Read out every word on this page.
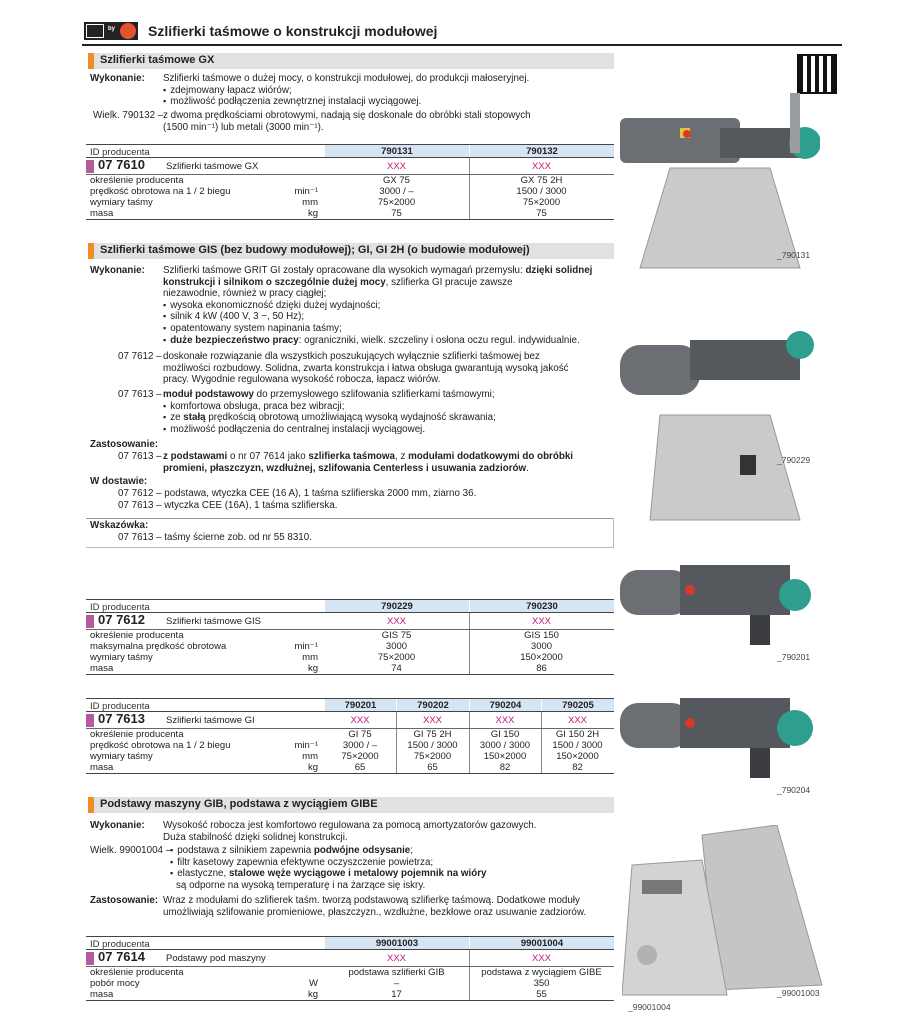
by Szlifierki taśmowe o konstrukcji modułowej
Szlifierki taśmowe GX
Wykonanie: Szlifierki taśmowe o dużej mocy, o konstrukcji modułowej, do produkcji małoseryjnej.
▪ zdejmowany łapacz wiórów;
▪ możliwość podłączenia zewnętrznej instalacji wyciągowej.
Wielk. 790132 – z dwoma prędkościami obrotowymi, nadają się doskonale do obróbki stali stopowych
(1500 min⁻¹) lub metali (3000 min⁻¹).
ID producenta	790131	790132
07 7610 Szlifierki taśmowe GX	XXX	XXX
określenie producenta	GX 75	GX 75 2H
prędkość obrotowa na 1 / 2 biegu	min⁻¹	3000 / –	1500 / 3000
wymiary taśmy	mm	75×2000	75×2000
masa	kg	75	75
Szlifierki taśmowe GIS (bez budowy modułowej); GI, GI 2H (o budowie modułowej)
Wykonanie: Szlifierki taśmowe GRIT GI zostały opracowane dla wysokich wymagań przemysłu: dzięki solidnej
konstrukcji i silnikom o szczególnie dużej mocy, szlifierka GI pracuje zawsze
niezawodnie, również w pracy ciągłej;
▪ wysoka ekonomiczność dzięki dużej wydajności;
▪ silnik 4 kW (400 V, 3 ~, 50 Hz);
▪ opatentowany system napinania taśmy;
▪ duże bezpieczeństwo pracy: ograniczniki, wielk. szczeliny i osłona oczu regul. indywidualnie.
07 7612 – doskonałe rozwiązanie dla wszystkich poszukujących wyłącznie szlifierki taśmowej bez
możliwości rozbudowy. Solidna, zwarta konstrukcja i łatwa obsługa gwarantują wysoką jakość
pracy. Wygodnie regulowana wysokość robocza, łapacz wiórów.
07 7613 – moduł podstawowy do przemysłowego szlifowania szlifierkami taśmowymi;
▪ komfortowa obsługa, praca bez wibracji;
▪ ze stałą prędkością obrotową umożliwiającą wysoką wydajność skrawania;
▪ możliwość podłączenia do centralnej instalacji wyciągowej.
Zastosowanie:
07 7613 – z podstawami o nr 07 7614 jako szlifierka taśmowa, z modułami dodatkowymi do obróbki
promieni, płaszczyzn, wzdłużnej, szlifowania Centerless i usuwania zadziorów.
W dostawie:
07 7612 – podstawa, wtyczka CEE (16 A), 1 taśma szlifierska 2000 mm, ziarno 36.
07 7613 – wtyczka CEE (16A), 1 taśma szlifierska.
Wskazówka:
07 7613 – taśmy ścierne zob. od nr 55 8310.
ID producenta	790229	790230
07 7612 Szlifierki taśmowe GIS	XXX	XXX
określenie producenta	GIS 75	GIS 150
maksymalna prędkość obrotowa	min⁻¹	3000	3000
wymiary taśmy	mm	75×2000	150×2000
masa	kg	74	86
ID producenta	790201	790202	790204	790205
07 7613 Szlifierki taśmowe GI	XXX	XXX	XXX	XXX
określenie producenta	GI 75	GI 75 2H	GI 150	GI 150 2H
prędkość obrotowa na 1 / 2 biegu	min⁻¹	3000 / –	1500 / 3000	3000 / 3000	1500 / 3000
wymiary taśmy	mm	75×2000	75×2000	150×2000	150×2000
masa	kg	65	65	82	82
Podstawy maszyny GIB, podstawa z wyciągiem GIBE
Wykonanie: Wysokość robocza jest komfortowo regulowana za pomocą amortyzatorów gazowych.
Duża stabilność dzięki solidnej konstrukcji.
Wielk. 99001004 –
▪ podstawa z silnikiem zapewnia podwójne odsysanie;
▪ filtr kasetowy zapewnia efektywne oczyszczenie powietrza;
▪ elastyczne, stalowe węże wyciągowe i metalowy pojemnik na wióry
są odporne na wysoką temperaturę i na żarzące się iskry.
Zastosowanie: Wraz z modułami do szlifierek taśm. tworzą podstawową szlifierkę taśmową. Dodatkowe moduły
umożliwiają szlifowanie promieniowe, płaszczyzn., wzdłużne, bezkłowe oraz usuwanie zadziorów.
ID producenta	99001003	99001004
07 7614 Podstawy pod maszyny	XXX	XXX
określenie producenta	podstawa szlifierki GIB	podstawa z wyciągiem GIBE
pobór mocy	W	–	350
masa	kg	17	55
_790131
_790229
_790201
_790204
_99001004
_99001003
